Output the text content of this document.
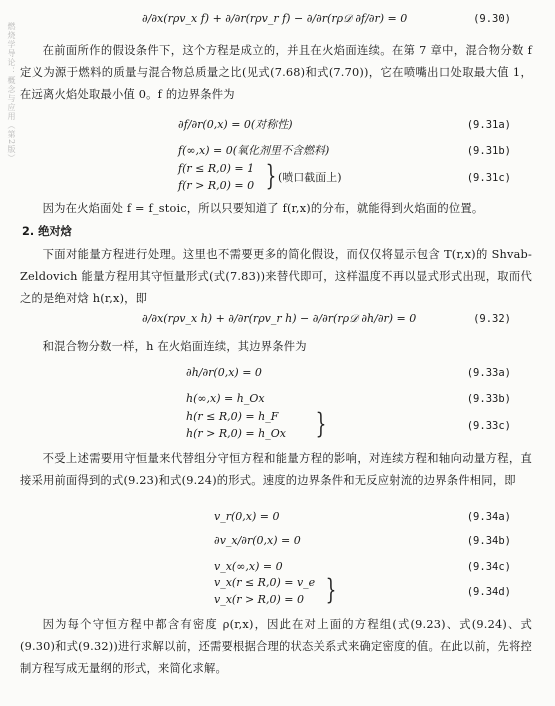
燃烧学导论：概念与应用（第2版）
∂/∂x(rρv_x f) + ∂/∂r(rρv_r f) − ∂/∂r(rρ𝒟 ∂f/∂r) = 0	(9.30)
在前面所作的假设条件下，这个方程是成立的，并且在火焰面连续。在第 7 章中，混合物分数 f 定义为源于燃料的质量与混合物总质量之比(见式(7.68)和式(7.70))，它在喷嘴出口处取最大值 1，在远离火焰处取最小值 0。f 的边界条件为
∂f/∂r(0,x) = 0(对称性)	(9.31a)
f(∞,x) = 0(氧化剂里不含燃料)	(9.31b)
f(r ≤ R,0) = 1
f(r > R,0) = 0 } (喷口截面上)	(9.31c)
因为在火焰面处 f = f_stoic，所以只要知道了 f(r,x)的分布，就能得到火焰面的位置。
2. 绝对焓
下面对能量方程进行处理。这里也不需要更多的简化假设，而仅仅将显示包含 T(r,x)的 Shvab-Zeldovich 能量方程用其守恒量形式(式(7.83))来替代即可，这样温度不再以显式形式出现，取而代之的是绝对焓 h(r,x)，即
∂/∂x(rρv_x h) + ∂/∂r(rρv_r h) − ∂/∂r(rρ𝒟 ∂h/∂r) = 0	(9.32)
和混合物分数一样，h 在火焰面连续，其边界条件为
∂h/∂r(0,x) = 0	(9.33a)
h(∞,x) = h_Ox	(9.33b)
h(r ≤ R,0) = h_F
h(r > R,0) = h_Ox }	(9.33c)
不受上述需要用守恒量来代替组分守恒方程和能量方程的影响，对连续方程和轴向动量方程，直接采用前面得到的式(9.23)和式(9.24)的形式。速度的边界条件和无反应射流的边界条件相同，即
v_r(0,x) = 0	(9.34a)
∂v_x/∂r(0,x) = 0	(9.34b)
v_x(∞,x) = 0	(9.34c)
v_x(r ≤ R,0) = v_e
v_x(r > R,0) = 0 }	(9.34d)
因为每个守恒方程中都含有密度 ρ(r,x)，因此在对上面的方程组(式(9.23)、式(9.24)、式(9.30)和式(9.32))进行求解以前，还需要根据合理的状态关系式来确定密度的值。在此以前，先将控制方程写成无量纲的形式，来简化求解。
